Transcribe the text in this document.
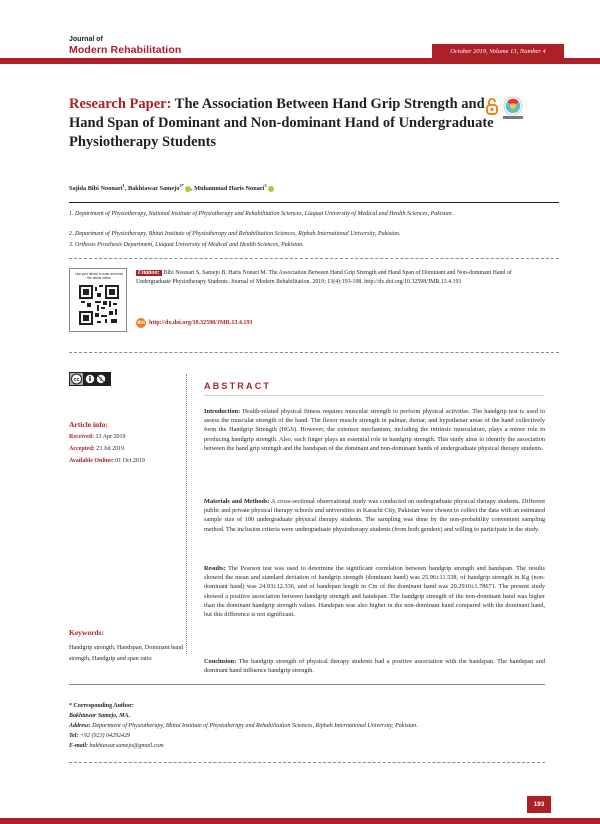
Journal of
Modern Rehabilitation	October 2019, Volume 13, Number 4
Research Paper: The Association Between Hand Grip Strength and Hand Span of Dominant and Non-dominant Hand of Undergraduate Physiotherapy Students
Sajida Bibi Noonari$^1$, Bakhtawar Samejo$^{2*}$ , Muhammad Haris Nonari$^3$
1. Department of Physiotherapy, National Institute of Physiotherapy and Rehabilitation Sciences, Liaquat University of Medical and Health Sciences, Pakistan.
2. Department of Physiotherapy, Bhitai Institute of Physiotherapy and Rehabilitation Sciences, Riphah International University, Pakistan.
3. Orthosis Prosthesis Department, Liaquat University of Medical and Health Sciences, Pakistan.
Use your device to scan and read the article online

Citation: Bibi Noonari S, Samejo B, Haris Nonari M. The Association Between Hand Grip Strength and Hand Span of Dominant and Non-dominant Hand of Undergraduate Physiotherapy Students. Journal of Modern Rehabilitation. 2019; 13(4):193-198. http://dx.doi.org/10.32598/JMR.13.4.193

doi http://dx.doi.org/10.32598/JMR.13.4.193
cc
Article info:
Received: 13 Apr 2019
Accepted: 23 Jul 2019
Available Online: 01 Oct 2019
Keywords:
Handgrip strength, Handspan, Dominant hand strength, Handgrip and span ratio
ABSTRACT

Introduction: Health-related physical fitness requires muscular strength to perform physical activities. The handgrip test is used to assess the muscular strength of the hand. The flexor muscle strength in palmar, thenar, and hypothenar areas of the hand collectively form the Handgrip Strength (HGS). However, the extensor mechanism, including the intrinsic musculature, plays a minor role in producing handgrip strength. Also, each finger plays an essential role in handgrip strength. This study aims to identify the association between the hand grip strength and the handspan of the dominant and non-dominant hands of undergraduate physical therapy students.

Materials and Methods: A cross-sectional observational study was conducted on undergraduate physical therapy students. Different public and private physical therapy schools and universities in Karachi City, Pakistan were chosen to collect the data with an estimated sample size of 100 undergraduate physical therapy students. The sampling was done by the non-probability convenient sampling method. The inclusion criteria were undergraduate physiotherapy students (from both genders) and willing to participate in the study.

Results: The Pearson test was used to determine the significant correlation between handgrip strength and handspan. The results showed the mean and standard deviation of handgrip strength (dominant hand) was 25.96±11.538, of handgrip strength in Kg (non-dominant hand) was 24.93±12.336, and of handspan length in Cm of the dominant hand was 20.2910±1.78671. The present study showed a positive association between handgrip strength and handspan. The handgrip strength of the non-dominant hand was higher than the dominant handgrip strength values. Handspan was also higher in the non-dominant hand compared with the dominant hand, but this difference is not significant.

Conclusion: The handgrip strength of physical therapy students had a positive association with the handspan. The handspan and dominant hand influence handgrip strength.

* Corresponding Author:
Bakhtawar Samejo, MA.
Address: Department of Physiotherapy, Bhitai Institute of Physiotherapy and Rehabilitation Sciences, Riphah International University, Pakistan.
Tel: +92 (923) 04292429
E-mail: bakhtawar.samejo@gmail.com
193
